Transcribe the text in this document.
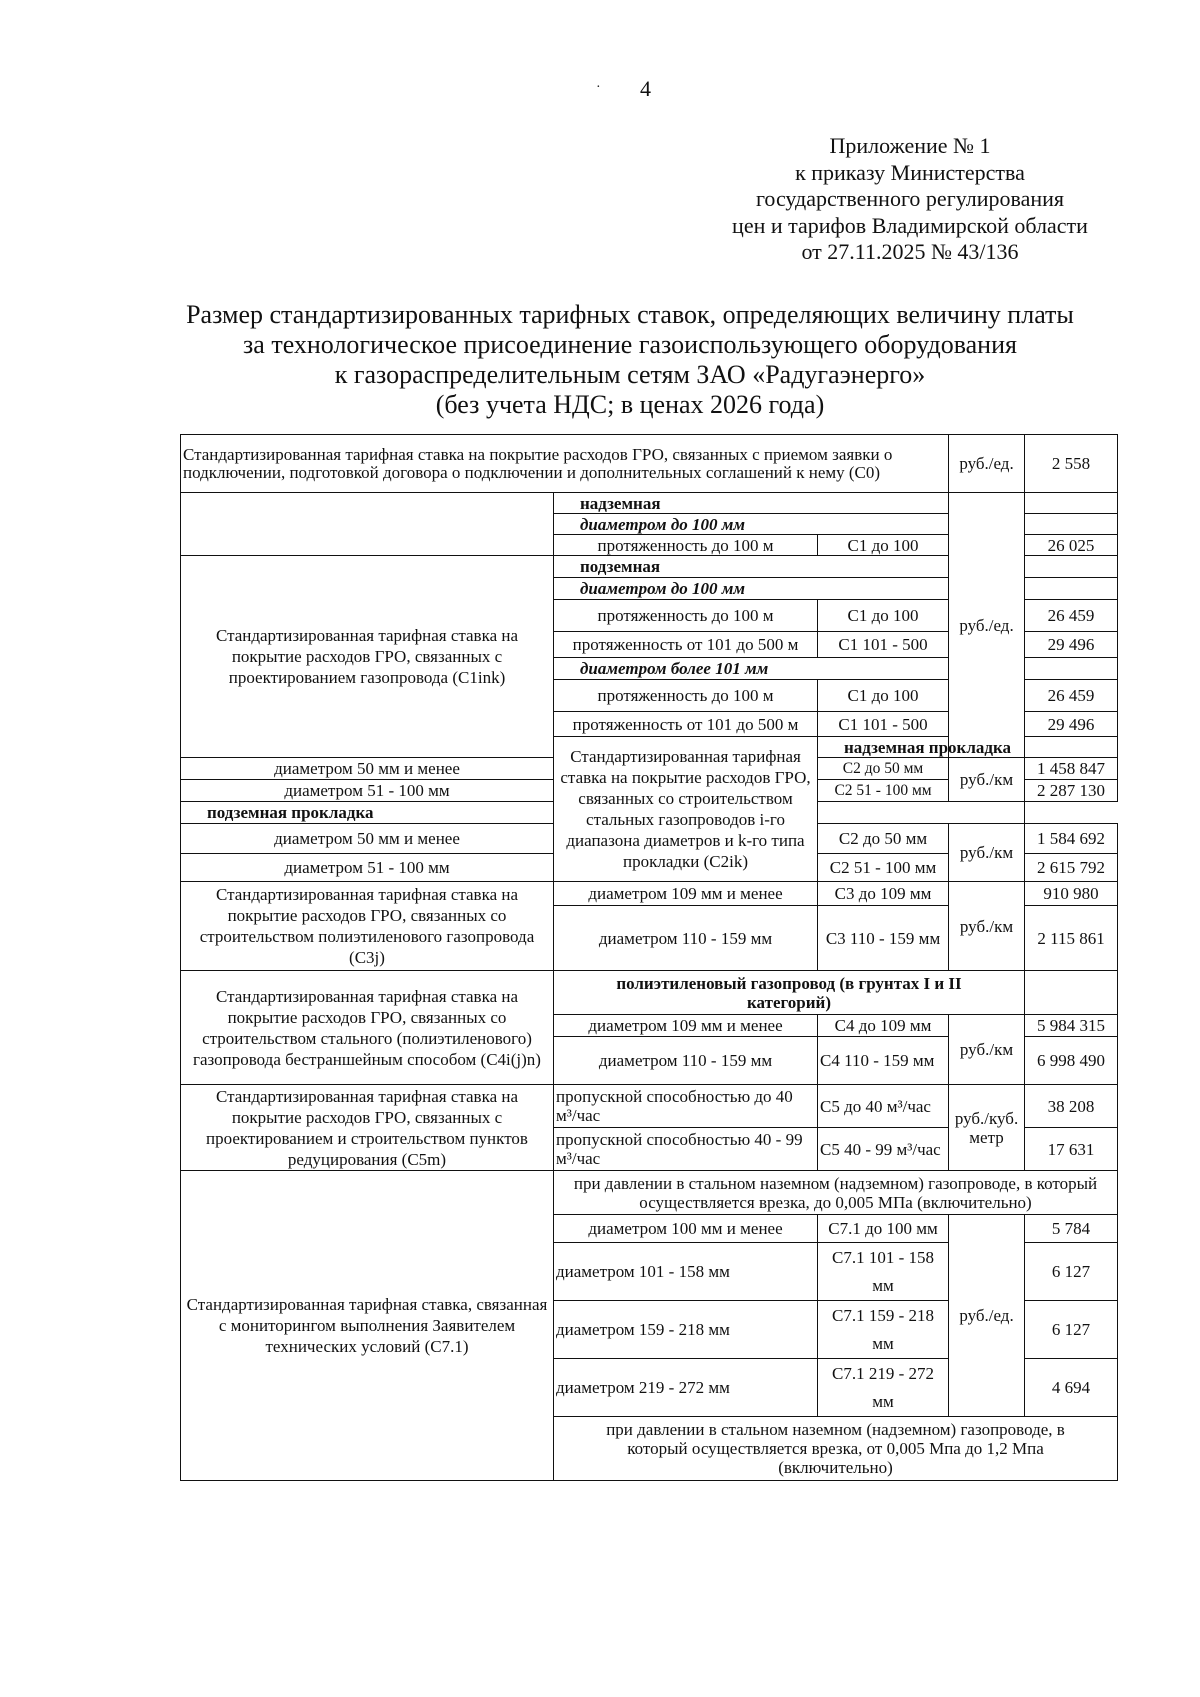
· 4
Приложение № 1
к приказу Министерства
государственного регулирования
цен и тарифов Владимирской области
от 27.11.2025 № 43/136
Размер стандартизированных тарифных ставок, определяющих величину платы
за технологическое присоединение газоиспользующего оборудования
к газораспределительным сетям ЗАО «Радугаэнерго»
(без учета НДС; в ценах 2026 года)
Стандартизированная тарифная ставка на покрытие расходов ГРО, связанных с приемом заявки о подключении, подготовкой договора о подключении и дополнительных соглашений к нему (С0)			руб./ед.	2 558
	надземная		руб./ед.	
	диаметром до 100 мм			
	протяженность до 100 м	С1 до 100		26 025
Стандартизированная тарифная ставка на покрытие расходов ГРО, связанных с проектированием газопровода (C1ink)	подземная			
	диаметром до 100 мм			
	протяженность до 100 м	С1 до 100		26 459
	протяженность от 101 до 500 м	С1 101 - 500		29 496
	диаметром более 101 мм			
	протяженность до 100 м	С1 до 100		26 459
	протяженность от 101 до 500 м	С1 101 - 500		29 496
	Стандартизированная тарифная ставка на покрытие расходов ГРО, связанных со строительством стальных газопроводов i-го диапазона диаметров и k-го типа прокладки (C2ik)	надземная прокладка		
диаметром 50 мм и менее		С2 до 50 мм	руб./км	1 458 847
диаметром 51 - 100 мм		С2 51 - 100 мм		2 287 130
подземная прокладка				
диаметром 50 мм и менее		С2 до 50 мм	руб./км	1 584 692
диаметром 51 - 100 мм		С2 51 - 100 мм		2 615 792
Стандартизированная тарифная ставка на покрытие расходов ГРО, связанных со строительством полиэтиленового газопровода (С3j)	диаметром 109 мм и менее	С3 до 109 мм	руб./км	910 980
	диаметром 110 - 159 мм	С3 110 - 159 мм		2 115 861
Стандартизированная тарифная ставка на покрытие расходов ГРО, связанных со строительством стального (полиэтиленового) газопровода бестраншейным способом (С4i(j)n)	полиэтиленовый газопровод (в грунтах I и II категорий)			
	диаметром 109 мм и менее	С4 до 109 мм	руб./км	5 984 315
	диаметром 110 - 159 мм	С4 110 - 159 мм		6 998 490
Стандартизированная тарифная ставка на покрытие расходов ГРО, связанных с проектированием и строительством пунктов редуцирования (С5m)	пропускной способностью до 40 м³/час	С5 до 40 м³/час	руб./куб. метр	38 208
	пропускной способностью 40 - 99 м³/час	С5 40 - 99 м³/час		17 631
Стандартизированная тарифная ставка, связанная с мониторингом выполнения Заявителем технических условий (С7.1)	при давлении в стальном наземном (надземном) газопроводе, в который осуществляется врезка, до 0,005 МПа (включительно)			
	диаметром 100 мм и менее	С7.1 до 100 мм	руб./ед.	5 784
	диаметром 101 - 158 мм	С7.1 101 - 158 мм		6 127
	диаметром 159 - 218 мм	С7.1 159 - 218 мм		6 127
	диаметром 219 - 272 мм	С7.1 219 - 272 мм		4 694
	при давлении в стальном наземном (надземном) газопроводе, в который осуществляется врезка, от 0,005 Мпа до 1,2 Мпа (включительно)			
